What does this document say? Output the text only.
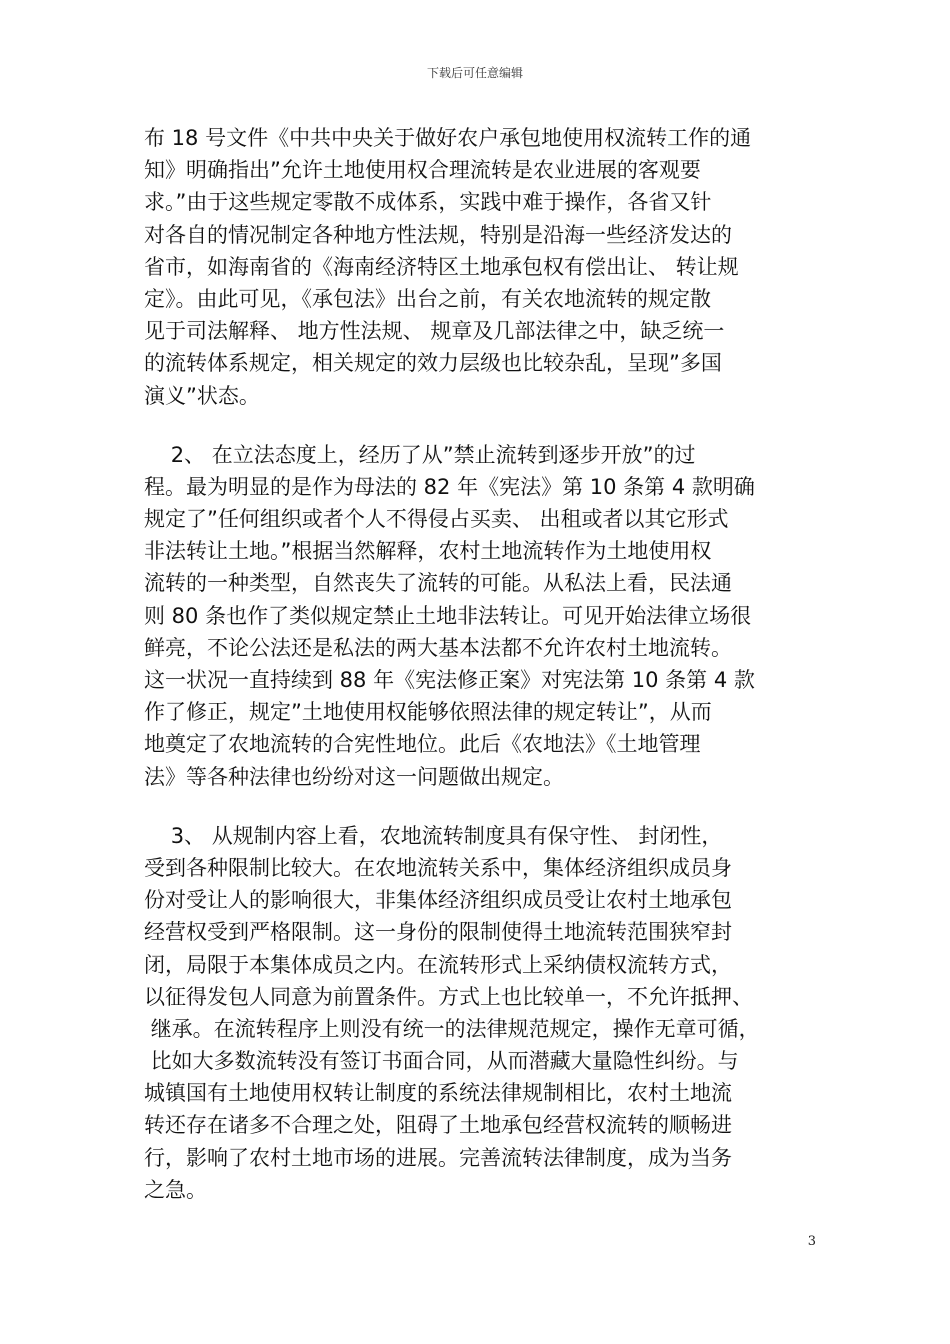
下载后可任意编辑
布 18 号文件《中共中央关于做好农户承包地使用权流转工作的通
知》明确指出”允许土地使用权合理流转是农业进展的客观要
求。”由于这些规定零散不成体系，实践中难于操作，各省又针
对各自的情况制定各种地方性法规，特别是沿海一些经济发达的
省市，如海南省的《海南经济特区土地承包权有偿出让、 转让规
定》。由此可见，《承包法》出台之前，有关农地流转的规定散
见于司法解释、 地方性法规、 规章及几部法律之中，缺乏统一
的流转体系规定，相关规定的效力层级也比较杂乱，呈现”多国
演义”状态。
2、 在立法态度上，经历了从”禁止流转到逐步开放”的过
程。最为明显的是作为母法的 82 年《宪法》第 10 条第 4 款明确
规定了”任何组织或者个人不得侵占买卖、 出租或者以其它形式
非法转让土地。”根据当然解释，农村土地流转作为土地使用权
流转的一种类型，自然丧失了流转的可能。从私法上看，民法通
则 80 条也作了类似规定禁止土地非法转让。可见开始法律立场很
鲜亮，不论公法还是私法的两大基本法都不允许农村土地流转。
这一状况一直持续到 88 年《宪法修正案》对宪法第 10 条第 4 款
作了修正，规定”土地使用权能够依照法律的规定转让”，从而
地奠定了农地流转的合宪性地位。此后《农地法》《土地管理
法》等各种法律也纷纷对这一问题做出规定。
3、 从规制内容上看，农地流转制度具有保守性、 封闭性，
受到各种限制比较大。在农地流转关系中，集体经济组织成员身
份对受让人的影响很大，非集体经济组织成员受让农村土地承包
经营权受到严格限制。这一身份的限制使得土地流转范围狭窄封
闭，局限于本集体成员之内。在流转形式上采纳债权流转方式，
以征得发包人同意为前置条件。方式上也比较单一，不允许抵押、
继承。在流转程序上则没有统一的法律规范规定，操作无章可循，
比如大多数流转没有签订书面合同，从而潜藏大量隐性纠纷。与
城镇国有土地使用权转让制度的系统法律规制相比，农村土地流
转还存在诸多不合理之处，阻碍了土地承包经营权流转的顺畅进
行，影响了农村土地市场的进展。完善流转法律制度，成为当务
之急。
3
